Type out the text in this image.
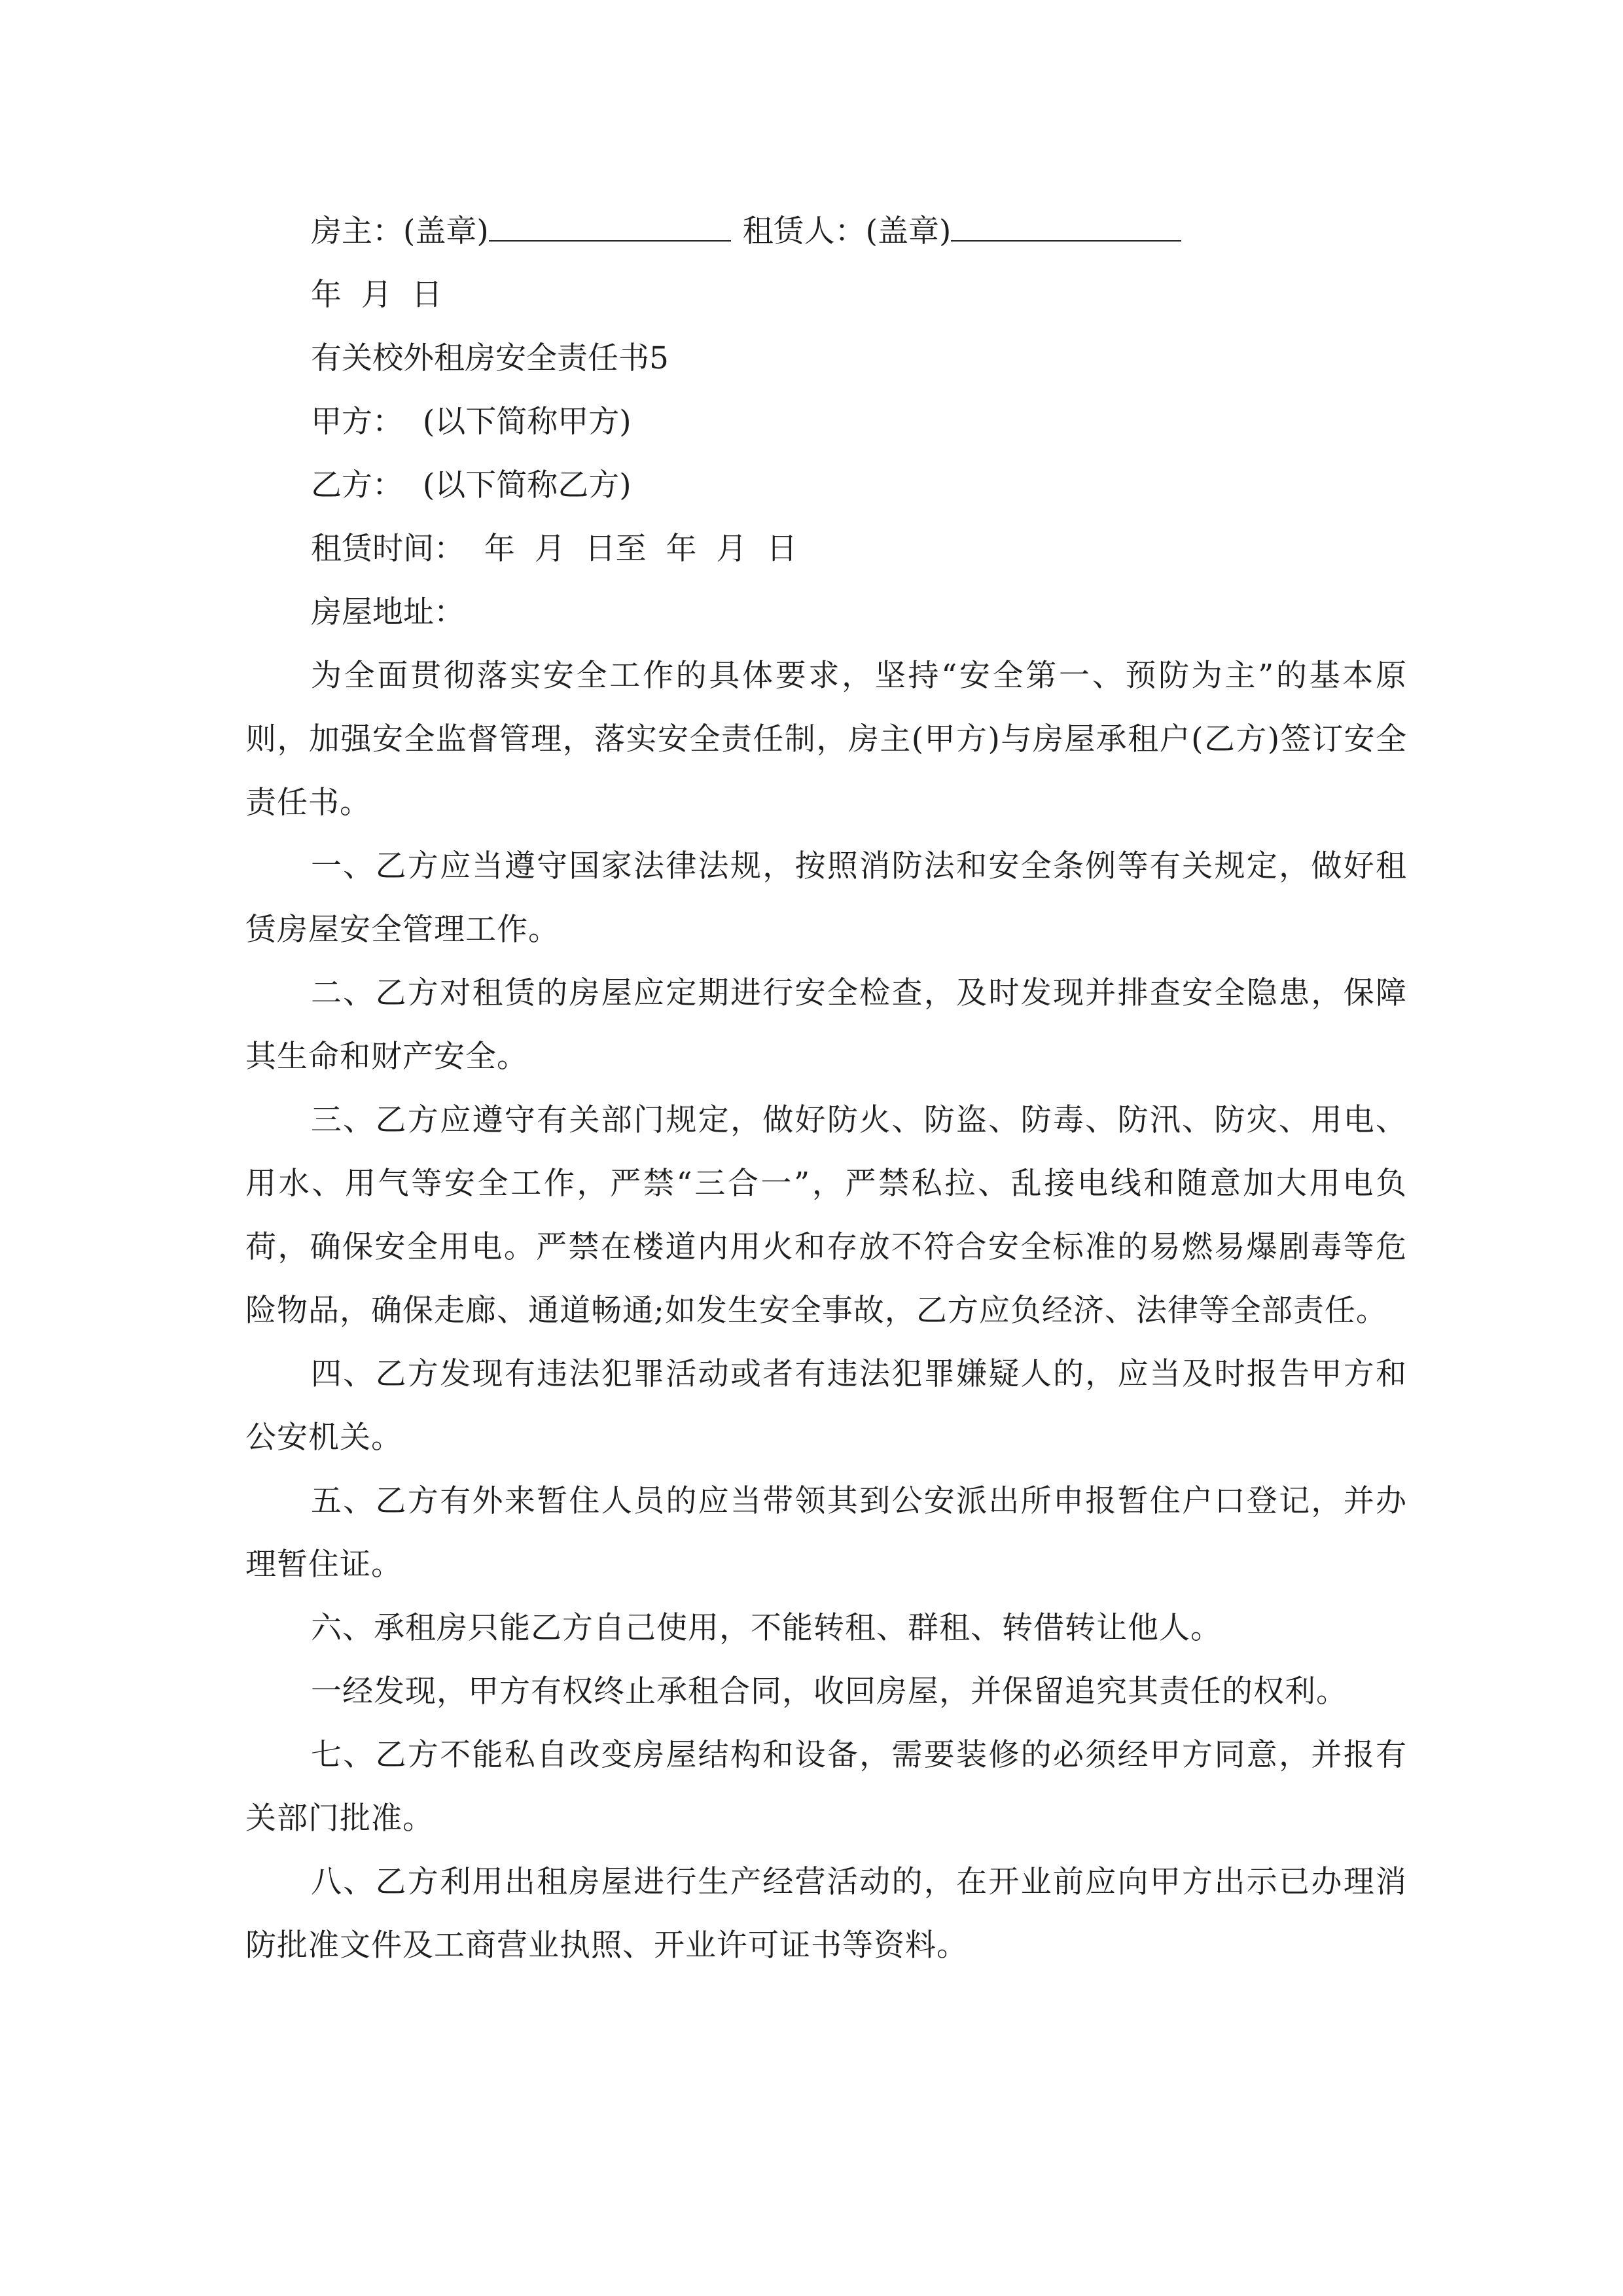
房主：(盖章)	租赁人：(盖章)

年  月  日

有关校外租房安全责任书5

甲方：  (以下简称甲方)

乙方：  (以下简称乙方)

租赁时间：  年  月  日至  年  月  日

房屋地址：

为全面贯彻落实安全工作的具体要求，坚持“安全第一、预防为主”的基本原则，加强安全监督管理，落实安全责任制，房主(甲方)与房屋承租户(乙方)签订安全责任书。

一、乙方应当遵守国家法律法规，按照消防法和安全条例等有关规定，做好租赁房屋安全管理工作。

二、乙方对租赁的房屋应定期进行安全检查，及时发现并排查安全隐患，保障其生命和财产安全。

三、乙方应遵守有关部门规定，做好防火、防盗、防毒、防汛、防灾、用电、用水、用气等安全工作，严禁“三合一”，严禁私拉、乱接电线和随意加大用电负荷，确保安全用电。严禁在楼道内用火和存放不符合安全标准的易燃易爆剧毒等危险物品，确保走廊、通道畅通;如发生安全事故，乙方应负经济、法律等全部责任。

四、乙方发现有违法犯罪活动或者有违法犯罪嫌疑人的，应当及时报告甲方和公安机关。

五、乙方有外来暂住人员的应当带领其到公安派出所申报暂住户口登记，并办理暂住证。

六、承租房只能乙方自己使用，不能转租、群租、转借转让他人。

一经发现，甲方有权终止承租合同，收回房屋，并保留追究其责任的权利。

七、乙方不能私自改变房屋结构和设备，需要装修的必须经甲方同意，并报有关部门批准。

八、乙方利用出租房屋进行生产经营活动的，在开业前应向甲方出示已办理消防批准文件及工商营业执照、开业许可证书等资料。
